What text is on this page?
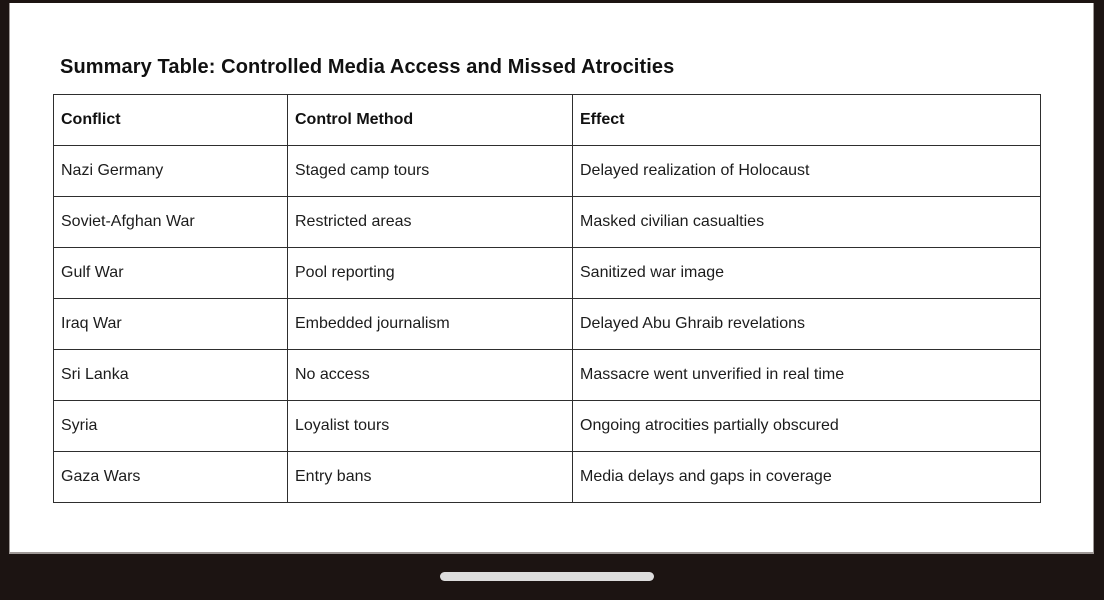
Summary Table: Controlled Media Access and Missed Atrocities
Conflict	Control Method	Effect
Nazi Germany	Staged camp tours	Delayed realization of Holocaust
Soviet-Afghan War	Restricted areas	Masked civilian casualties
Gulf War	Pool reporting	Sanitized war image
Iraq War	Embedded journalism	Delayed Abu Ghraib revelations
Sri Lanka	No access	Massacre went unverified in real time
Syria	Loyalist tours	Ongoing atrocities partially obscured
Gaza Wars	Entry bans	Media delays and gaps in coverage
